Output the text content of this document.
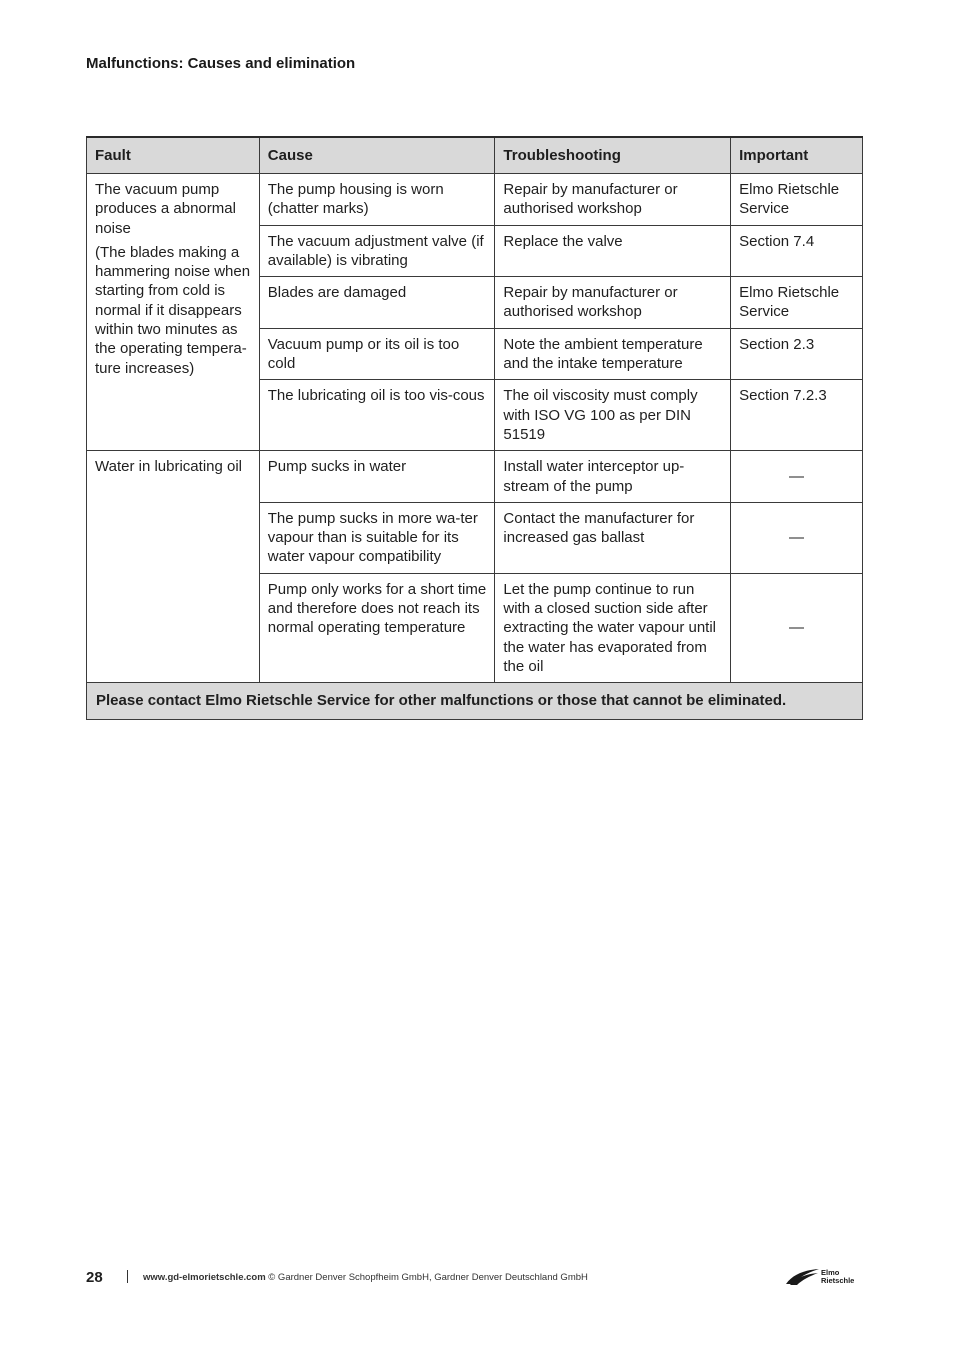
Malfunctions: Causes and elimination
Fault	Cause	Troubleshooting	Important
The vacuum pump produces a abnormal noise
(The blades making a hammering noise when starting from cold is normal if it disappears within two minutes as the operating tempera-ture increases)	The pump housing is worn (chatter marks)	Repair by manufacturer or authorised workshop	Elmo Rietschle Service
	The vacuum adjustment valve (if available) is vibrating	Replace the valve	Section 7.4
	Blades are damaged	Repair by manufacturer or authorised workshop	Elmo Rietschle Service
	Vacuum pump or its oil is too cold	Note the ambient temperature and the intake temperature	Section 2.3
	The lubricating oil is too vis-cous	The oil viscosity must comply with ISO VG 100 as per DIN 51519	Section 7.2.3
Water in lubricating oil	Pump sucks in water	Install water interceptor up-stream of the pump	—
	The pump sucks in more wa-ter vapour than is suitable for its water vapour compatibility	Contact the manufacturer for increased gas ballast	—
	Pump only works for a short time and therefore does not reach its normal operating temperature	Let the pump continue to run with a closed suction side after extracting the water vapour until the water has evaporated from the oil	—
Please contact Elmo Rietschle Service for other malfunctions or those that cannot be eliminated.			
28	www.gd-elmorietschle.com © Gardner Denver Schopfheim GmbH, Gardner Denver Deutschland GmbH	Elmo
Rietschle
